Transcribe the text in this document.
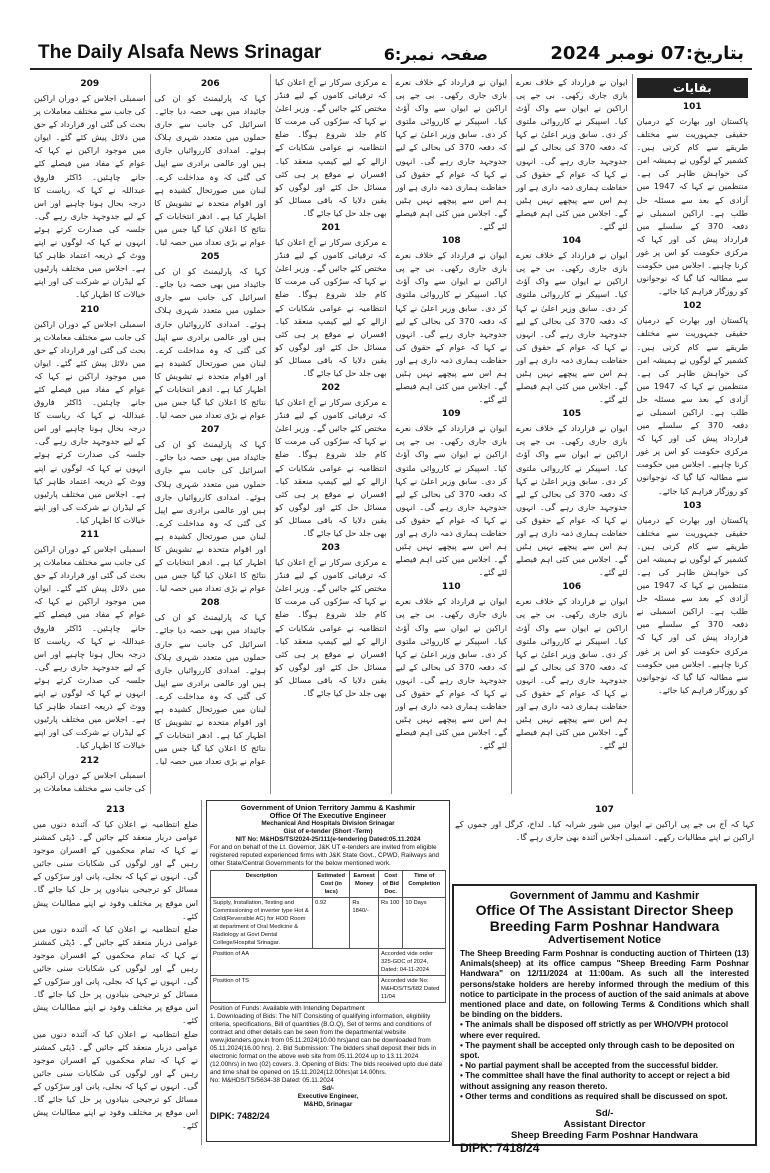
The Daily Alsafa News Srinagar	صفحہ نمبر:6	بتاریخ:07 نومبر 2024
209

اسمبلی اجلاس کے دوران اراکین کی جانب سے مختلف معاملات پر بحث کی گئی اور قرارداد کے حق میں دلائل پیش کئے گئے۔ ایوان میں موجود اراکین نے کہا کہ عوام کے مفاد میں فیصلے کئے جانے چاہئیں۔ ڈاکٹر فاروق عبداللہ نے کہا کہ ریاست کا درجہ بحال ہونا چاہیے اور اس کے لیے جدوجہد جاری رہے گی۔ جلسہ کی صدارت کرتے ہوئے انہوں نے کہا کہ لوگوں نے اپنے ووٹ کے ذریعہ اعتماد ظاہر کیا ہے۔ اجلاس میں مختلف پارٹیوں کے لیڈران نے شرکت کی اور اپنے خیالات کا اظہار کیا۔

210

اسمبلی اجلاس کے دوران اراکین کی جانب سے مختلف معاملات پر بحث کی گئی اور قرارداد کے حق میں دلائل پیش کئے گئے۔ ایوان میں موجود اراکین نے کہا کہ عوام کے مفاد میں فیصلے کئے جانے چاہئیں۔ ڈاکٹر فاروق عبداللہ نے کہا کہ ریاست کا درجہ بحال ہونا چاہیے اور اس کے لیے جدوجہد جاری رہے گی۔ جلسہ کی صدارت کرتے ہوئے انہوں نے کہا کہ لوگوں نے اپنے ووٹ کے ذریعہ اعتماد ظاہر کیا ہے۔ اجلاس میں مختلف پارٹیوں کے لیڈران نے شرکت کی اور اپنے خیالات کا اظہار کیا۔

211

اسمبلی اجلاس کے دوران اراکین کی جانب سے مختلف معاملات پر بحث کی گئی اور قرارداد کے حق میں دلائل پیش کئے گئے۔ ایوان میں موجود اراکین نے کہا کہ عوام کے مفاد میں فیصلے کئے جانے چاہئیں۔ ڈاکٹر فاروق عبداللہ نے کہا کہ ریاست کا درجہ بحال ہونا چاہیے اور اس کے لیے جدوجہد جاری رہے گی۔ جلسہ کی صدارت کرتے ہوئے انہوں نے کہا کہ لوگوں نے اپنے ووٹ کے ذریعہ اعتماد ظاہر کیا ہے۔ اجلاس میں مختلف پارٹیوں کے لیڈران نے شرکت کی اور اپنے خیالات کا اظہار کیا۔

212

اسمبلی اجلاس کے دوران اراکین کی جانب سے مختلف معاملات پر

206

کہا کہ پارلیمنٹ کو ان کی جائیداد میں بھی حصہ دیا جائے۔ اسرائیل کی جانب سے جاری حملوں میں متعدد شہری ہلاک ہوئے۔ امدادی کارروائیاں جاری ہیں اور عالمی برادری سے اپیل کی گئی کہ وہ مداخلت کرے۔ لبنان میں صورتحال کشیدہ ہے اور اقوام متحدہ نے تشویش کا اظہار کیا ہے۔ ادھر انتخابات کے نتائج کا اعلان کیا گیا جس میں عوام نے بڑی تعداد میں حصہ لیا۔

205

کہا کہ پارلیمنٹ کو ان کی جائیداد میں بھی حصہ دیا جائے۔ اسرائیل کی جانب سے جاری حملوں میں متعدد شہری ہلاک ہوئے۔ امدادی کارروائیاں جاری ہیں اور عالمی برادری سے اپیل کی گئی کہ وہ مداخلت کرے۔ لبنان میں صورتحال کشیدہ ہے اور اقوام متحدہ نے تشویش کا اظہار کیا ہے۔ ادھر انتخابات کے نتائج کا اعلان کیا گیا جس میں عوام نے بڑی تعداد میں حصہ لیا۔

207

کہا کہ پارلیمنٹ کو ان کی جائیداد میں بھی حصہ دیا جائے۔ اسرائیل کی جانب سے جاری حملوں میں متعدد شہری ہلاک ہوئے۔ امدادی کارروائیاں جاری ہیں اور عالمی برادری سے اپیل کی گئی کہ وہ مداخلت کرے۔ لبنان میں صورتحال کشیدہ ہے اور اقوام متحدہ نے تشویش کا اظہار کیا ہے۔ ادھر انتخابات کے نتائج کا اعلان کیا گیا جس میں عوام نے بڑی تعداد میں حصہ لیا۔

208

کہا کہ پارلیمنٹ کو ان کی جائیداد میں بھی حصہ دیا جائے۔ اسرائیل کی جانب سے جاری حملوں میں متعدد شہری ہلاک ہوئے۔ امدادی کارروائیاں جاری ہیں اور عالمی برادری سے اپیل کی گئی کہ وہ مداخلت کرے۔ لبنان میں صورتحال کشیدہ ہے اور اقوام متحدہ نے تشویش کا اظہار کیا ہے۔ ادھر انتخابات کے نتائج کا اعلان کیا گیا جس میں عوام نے بڑی تعداد میں حصہ لیا۔

ے مرکزی سرکار نے آج اعلان کیا کہ ترقیاتی کاموں کے لیے فنڈز مختص کئے جائیں گے۔ وزیر اعلیٰ نے کہا کہ سڑکوں کی مرمت کا کام جلد شروع ہوگا۔ ضلع انتظامیہ نے عوامی شکایات کے ازالے کے لیے کیمپ منعقد کیا۔ افسران نے موقع پر ہی کئی مسائل حل کئے اور لوگوں کو یقین دلایا کہ باقی مسائل کو بھی جلد حل کیا جائے گا۔

201

ے مرکزی سرکار نے آج اعلان کیا کہ ترقیاتی کاموں کے لیے فنڈز مختص کئے جائیں گے۔ وزیر اعلیٰ نے کہا کہ سڑکوں کی مرمت کا کام جلد شروع ہوگا۔ ضلع انتظامیہ نے عوامی شکایات کے ازالے کے لیے کیمپ منعقد کیا۔ افسران نے موقع پر ہی کئی مسائل حل کئے اور لوگوں کو یقین دلایا کہ باقی مسائل کو بھی جلد حل کیا جائے گا۔

202

ے مرکزی سرکار نے آج اعلان کیا کہ ترقیاتی کاموں کے لیے فنڈز مختص کئے جائیں گے۔ وزیر اعلیٰ نے کہا کہ سڑکوں کی مرمت کا کام جلد شروع ہوگا۔ ضلع انتظامیہ نے عوامی شکایات کے ازالے کے لیے کیمپ منعقد کیا۔ افسران نے موقع پر ہی کئی مسائل حل کئے اور لوگوں کو یقین دلایا کہ باقی مسائل کو بھی جلد حل کیا جائے گا۔

203

ے مرکزی سرکار نے آج اعلان کیا کہ ترقیاتی کاموں کے لیے فنڈز مختص کئے جائیں گے۔ وزیر اعلیٰ نے کہا کہ سڑکوں کی مرمت کا کام جلد شروع ہوگا۔ ضلع انتظامیہ نے عوامی شکایات کے ازالے کے لیے کیمپ منعقد کیا۔ افسران نے موقع پر ہی کئی مسائل حل کئے اور لوگوں کو یقین دلایا کہ باقی مسائل کو بھی جلد حل کیا جائے گا۔

ایوان نے قرارداد کے خلاف نعرے بازی جاری رکھی۔ بی جے پی اراکین نے ایوان سے واک آؤٹ کیا۔ اسپیکر نے کارروائی ملتوی کر دی۔ سابق وزیر اعلیٰ نے کہا کہ دفعہ 370 کی بحالی کے لیے جدوجہد جاری رہے گی۔ انہوں نے کہا کہ عوام کے حقوق کی حفاظت ہماری ذمہ داری ہے اور ہم اس سے پیچھے نہیں ہٹیں گے۔ اجلاس میں کئی اہم فیصلے لئے گئے۔

108

ایوان نے قرارداد کے خلاف نعرے بازی جاری رکھی۔ بی جے پی اراکین نے ایوان سے واک آؤٹ کیا۔ اسپیکر نے کارروائی ملتوی کر دی۔ سابق وزیر اعلیٰ نے کہا کہ دفعہ 370 کی بحالی کے لیے جدوجہد جاری رہے گی۔ انہوں نے کہا کہ عوام کے حقوق کی حفاظت ہماری ذمہ داری ہے اور ہم اس سے پیچھے نہیں ہٹیں گے۔ اجلاس میں کئی اہم فیصلے لئے گئے۔

109

ایوان نے قرارداد کے خلاف نعرے بازی جاری رکھی۔ بی جے پی اراکین نے ایوان سے واک آؤٹ کیا۔ اسپیکر نے کارروائی ملتوی کر دی۔ سابق وزیر اعلیٰ نے کہا کہ دفعہ 370 کی بحالی کے لیے جدوجہد جاری رہے گی۔ انہوں نے کہا کہ عوام کے حقوق کی حفاظت ہماری ذمہ داری ہے اور ہم اس سے پیچھے نہیں ہٹیں گے۔ اجلاس میں کئی اہم فیصلے لئے گئے۔

110

ایوان نے قرارداد کے خلاف نعرے بازی جاری رکھی۔ بی جے پی اراکین نے ایوان سے واک آؤٹ کیا۔ اسپیکر نے کارروائی ملتوی کر دی۔ سابق وزیر اعلیٰ نے کہا کہ دفعہ 370 کی بحالی کے لیے جدوجہد جاری رہے گی۔ انہوں نے کہا کہ عوام کے حقوق کی حفاظت ہماری ذمہ داری ہے اور ہم اس سے پیچھے نہیں ہٹیں گے۔ اجلاس میں کئی اہم فیصلے لئے گئے۔

ایوان نے قرارداد کے خلاف نعرے بازی جاری رکھی۔ بی جے پی اراکین نے ایوان سے واک آؤٹ کیا۔ اسپیکر نے کارروائی ملتوی کر دی۔ سابق وزیر اعلیٰ نے کہا کہ دفعہ 370 کی بحالی کے لیے جدوجہد جاری رہے گی۔ انہوں نے کہا کہ عوام کے حقوق کی حفاظت ہماری ذمہ داری ہے اور ہم اس سے پیچھے نہیں ہٹیں گے۔ اجلاس میں کئی اہم فیصلے لئے گئے۔

104

ایوان نے قرارداد کے خلاف نعرے بازی جاری رکھی۔ بی جے پی اراکین نے ایوان سے واک آؤٹ کیا۔ اسپیکر نے کارروائی ملتوی کر دی۔ سابق وزیر اعلیٰ نے کہا کہ دفعہ 370 کی بحالی کے لیے جدوجہد جاری رہے گی۔ انہوں نے کہا کہ عوام کے حقوق کی حفاظت ہماری ذمہ داری ہے اور ہم اس سے پیچھے نہیں ہٹیں گے۔ اجلاس میں کئی اہم فیصلے لئے گئے۔

105

ایوان نے قرارداد کے خلاف نعرے بازی جاری رکھی۔ بی جے پی اراکین نے ایوان سے واک آؤٹ کیا۔ اسپیکر نے کارروائی ملتوی کر دی۔ سابق وزیر اعلیٰ نے کہا کہ دفعہ 370 کی بحالی کے لیے جدوجہد جاری رہے گی۔ انہوں نے کہا کہ عوام کے حقوق کی حفاظت ہماری ذمہ داری ہے اور ہم اس سے پیچھے نہیں ہٹیں گے۔ اجلاس میں کئی اہم فیصلے لئے گئے۔

106

ایوان نے قرارداد کے خلاف نعرے بازی جاری رکھی۔ بی جے پی اراکین نے ایوان سے واک آؤٹ کیا۔ اسپیکر نے کارروائی ملتوی کر دی۔ سابق وزیر اعلیٰ نے کہا کہ دفعہ 370 کی بحالی کے لیے جدوجہد جاری رہے گی۔ انہوں نے کہا کہ عوام کے حقوق کی حفاظت ہماری ذمہ داری ہے اور ہم اس سے پیچھے نہیں ہٹیں گے۔ اجلاس میں کئی اہم فیصلے لئے گئے۔

بقایات
101

پاکستان اور بھارت کے درمیان حقیقی جمہوریت سے مختلف طریقے سے کام کرتی ہیں۔ کشمیر کے لوگوں نے ہمیشہ امن کی خواہش ظاہر کی ہے۔ منتظمین نے کہا کہ 1947 میں آزادی کے بعد سے مسئلہ حل طلب ہے۔ اراکین اسمبلی نے دفعہ 370 کے سلسلے میں قرارداد پیش کی اور کہا کہ مرکزی حکومت کو اس پر غور کرنا چاہیے۔ اجلاس میں حکومت سے مطالبہ کیا گیا کہ نوجوانوں کو روزگار فراہم کیا جائے۔

102

پاکستان اور بھارت کے درمیان حقیقی جمہوریت سے مختلف طریقے سے کام کرتی ہیں۔ کشمیر کے لوگوں نے ہمیشہ امن کی خواہش ظاہر کی ہے۔ منتظمین نے کہا کہ 1947 میں آزادی کے بعد سے مسئلہ حل طلب ہے۔ اراکین اسمبلی نے دفعہ 370 کے سلسلے میں قرارداد پیش کی اور کہا کہ مرکزی حکومت کو اس پر غور کرنا چاہیے۔ اجلاس میں حکومت سے مطالبہ کیا گیا کہ نوجوانوں کو روزگار فراہم کیا جائے۔

103

پاکستان اور بھارت کے درمیان حقیقی جمہوریت سے مختلف طریقے سے کام کرتی ہیں۔ کشمیر کے لوگوں نے ہمیشہ امن کی خواہش ظاہر کی ہے۔ منتظمین نے کہا کہ 1947 میں آزادی کے بعد سے مسئلہ حل طلب ہے۔ اراکین اسمبلی نے دفعہ 370 کے سلسلے میں قرارداد پیش کی اور کہا کہ مرکزی حکومت کو اس پر غور کرنا چاہیے۔ اجلاس میں حکومت سے مطالبہ کیا گیا کہ نوجوانوں کو روزگار فراہم کیا جائے۔

213

ضلع انتظامیہ نے اعلان کیا کہ آئندہ دنوں میں عوامی دربار منعقد کئے جائیں گے۔ ڈپٹی کمشنر نے کہا کہ تمام محکموں کے افسران موجود رہیں گے اور لوگوں کی شکایات سنی جائیں گی۔ انہوں نے کہا کہ بجلی، پانی اور سڑکوں کے مسائل کو ترجیحی بنیادوں پر حل کیا جائے گا۔ اس موقع پر مختلف وفود نے اپنے مطالبات پیش کئے۔

ضلع انتظامیہ نے اعلان کیا کہ آئندہ دنوں میں عوامی دربار منعقد کئے جائیں گے۔ ڈپٹی کمشنر نے کہا کہ تمام محکموں کے افسران موجود رہیں گے اور لوگوں کی شکایات سنی جائیں گی۔ انہوں نے کہا کہ بجلی، پانی اور سڑکوں کے مسائل کو ترجیحی بنیادوں پر حل کیا جائے گا۔ اس موقع پر مختلف وفود نے اپنے مطالبات پیش کئے۔

ضلع انتظامیہ نے اعلان کیا کہ آئندہ دنوں میں عوامی دربار منعقد کئے جائیں گے۔ ڈپٹی کمشنر نے کہا کہ تمام محکموں کے افسران موجود رہیں گے اور لوگوں کی شکایات سنی جائیں گی۔ انہوں نے کہا کہ بجلی، پانی اور سڑکوں کے مسائل کو ترجیحی بنیادوں پر حل کیا جائے گا۔ اس موقع پر مختلف وفود نے اپنے مطالبات پیش کئے۔

107

کہا کہ آج بی جے پی اراکین نے ایوان میں شور شرابہ کیا۔ لداخ، کرگل اور جموں کے اراکین نے اپنے مطالبات رکھے۔ اسمبلی اجلاس آئندہ بھی جاری رہے گا۔

Government of Union Territory Jammu & Kashmir
Office Of The Executive Engineer
Mechanical And Hospitals Division Srinagar
Gist of e-tender (Short -Term)
NIT No: M&HDS/TS/2024-25/111(e-tendering Dated:05.11.2024
For and on behalf of the Lt. Governor, J&K UT e-tenders are invited from eligible registered reputed experienced firms with J&K State Govt., CPWD, Railways and other State/Central Governments for the below mentioned work.
Description	Estimated Cost (in lacs)	Earnest Money	Cost of Bid Doc.	Time of Completion
Supply, Installation, Testing and Commissioning of inverter type Hot & Cold(Reversible AC) for HOD Room at department of Oral Medicine & Radiology at Govt Dental College/Hospital Srinagar.	0.92	Rs 1840/-	Rs 100	10 Days
Position of AA			Accorded vide order 325-GDC of 2024, Dated: 04-11-2024	
Position of TS			Accorded vide No: M&HDS/TS/682 Dated 11/04	
Position of Funds: Available with Intending Department
1. Downloading of Bids: The NIT Consisting of qualifying information, eligibility criteria, specifications, Bill of quantities (B.O.Q), Set of terms and conditions of contract and other details can be seen from the departmental website www.jktenders.gov.in from 05.11.2024(10.00 hrs)and can be downloaded from 05.11.2024(16.00 hrs). 2. Bid Submission: The bidders shall deposit their bids in electronic format on the above web site from 05.11.2024 up to 13.11.2024 (12.00hrs) in two (02) covers. 3. Opening of Bids: The bids received upto due date and time shall be opened on 15.11.2024(12.00hrs)at 14.00hrs.
No: M&HDS/TS/5634-38 Dated: 05.11.2024
Sd/-
Executive Engineer,
M&HD, Srinagar
DIPK: 7482/24
Government of Jammu and Kashmir
Office Of The Assistant Director Sheep Breeding Farm Poshnar Handwara
Advertisement Notice
The Sheep Breeding Farm Poshnar is conducting auction of Thirteen (13) Animals(sheep) at its office campus "Sheep Breeding Farm Poshnar Handwara" on 12/11/2024 at 11:00am. As such all the interested persons/stake holders are hereby informed through the medium of this notice to participate in the process of auction of the said animals at above mentioned place and date, on following Terms & Conditions which shall be binding on the bidders.
• The animals shall be disposed off strictly as per WHO/VPH protocol where ever required.
• The payment shall be accepted only through cash to be deposited on spot.
• No partial payment shall be accepted from the successful bidder.
• The committee shall have the final authority to accept or reject a bid without assigning any reason thereto.
• Other terms and conditions as required shall be discussed on spot.
Sd/-
Assistant Director
Sheep Breeding Farm Poshnar Handwara
DIPK: 7418/24
